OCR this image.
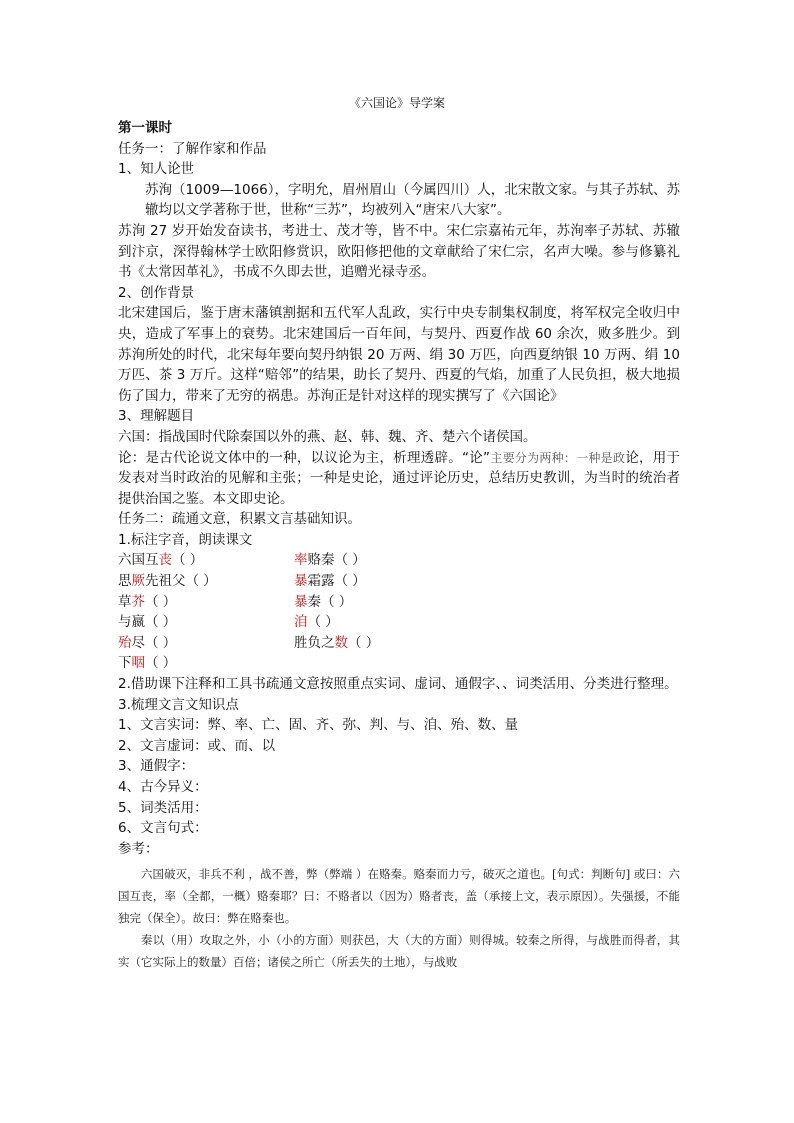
《六国论》导学案
第一课时
任务一：了解作家和作品
1、知人论世
苏洵（1009—1066），字明允，眉州眉山（今属四川）人，北宋散文家。与其子苏轼、苏辙均以文学著称于世，世称“三苏”，均被列入“唐宋八大家”。
苏洵 27 岁开始发奋读书，考进士、茂才等，皆不中。宋仁宗嘉祐元年，苏洵率子苏轼、苏辙到汴京，深得翰林学士欧阳修赏识，欧阳修把他的文章献给了宋仁宗，名声大噪。参与修纂礼书《太常因革礼》，书成不久即去世，追赠光禄寺丞。
2、创作背景
北宋建国后，鉴于唐末藩镇割据和五代军人乱政，实行中央专制集权制度，将军权完全收归中央，造成了军事上的衰势。北宋建国后一百年间，与契丹、西夏作战 60 余次，败多胜少。到苏洵所处的时代，北宋每年要向契丹纳银 20 万两、绢 30 万匹，向西夏纳银 10 万两、绢 10 万匹、茶 3 万斤。这样“赔邻”的结果，助长了契丹、西夏的气焰，加重了人民负担，极大地损伤了国力，带来了无穷的祸患。苏洵正是针对这样的现实撰写了《六国论》
3、理解题目
六国：指战国时代除秦国以外的燕、赵、韩、魏、齐、楚六个诸侯国。
论：是古代论说文体中的一种，以议论为主，析理透辟。“论”主要分为两种：一种是政论，用于发表对当时政治的见解和主张；一种是史论，通过评论历史，总结历史教训，为当时的统治者提供治国之鉴。本文即史论。
任务二：疏通文意，积累文言基础知识。
1.标注字音，朗读课文
六国互丧（ ）	率赂秦（ ）
思厥先祖父（ ）	暴霜露（ ）
草芥（ ）	暴秦（ ）
与嬴（ ）	洎（ ）
殆尽（ ）	胜负之数（ ）
下咽（ ）
2.借助课下注释和工具书疏通文意按照重点实词、虚词、通假字、、词类活用、分类进行整理。
3.梳理文言文知识点
1、文言实词：弊、率、亡、固、齐、弥、判、与、洎、殆、数、量
2、文言虚词：或、而、以
3、通假字：
4、古今异义：
5、词类活用：
6、文言句式：
参考：

六国破灭，非兵不利 ，战不善，弊（弊端 ）在赂秦。赂秦而力亏，破灭之道也。[句式：判断句] 或曰：六国互丧，率（全都，一概）赂秦耶？曰：不赂者以（因为）赂者丧，盖（承接上文，表示原因）。失强援，不能独完（保全）。故曰：弊在赂秦也。

秦以（用）攻取之外，小（小的方面）则获邑，大（大的方面）则得城。较秦之所得，与战胜而得者，其实（它实际上的数量）百倍；诸侯之所亡（所丢失的土地），与战败
